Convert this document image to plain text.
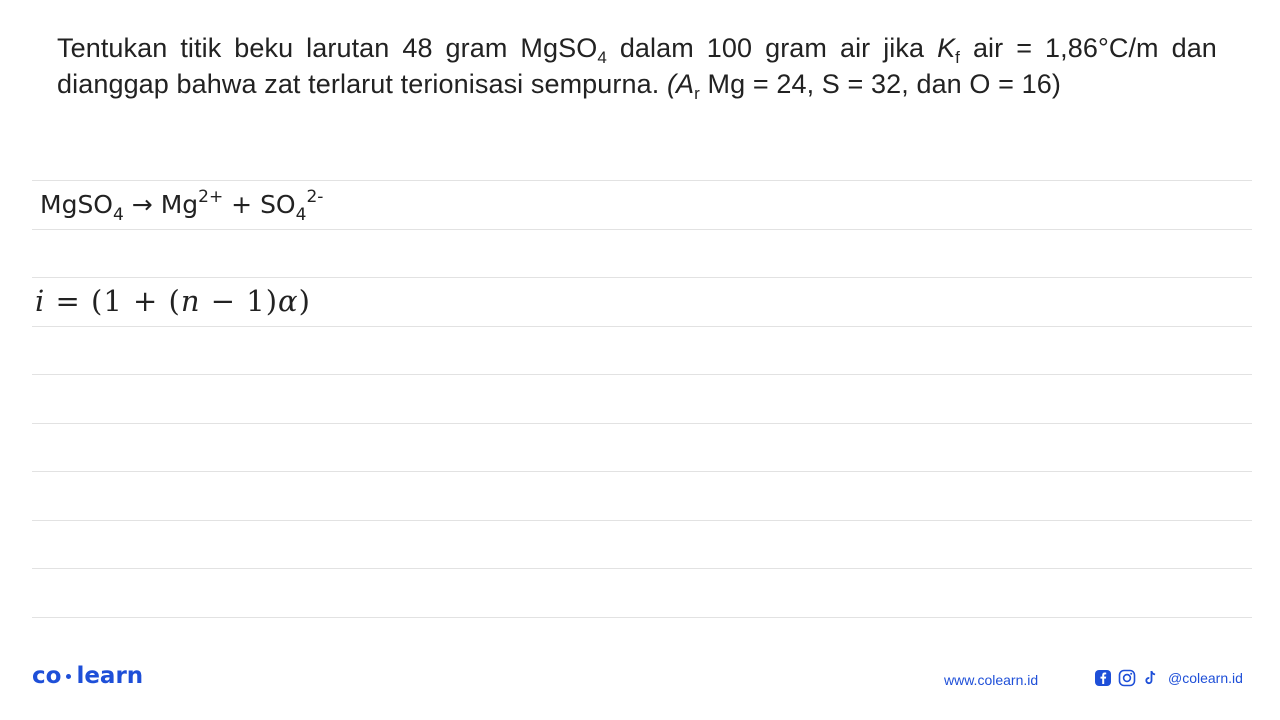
Tentukan titik beku larutan 48 gram MgSO$_4$ dalam 100 gram air jika $K_f$ air = 1,86°C/m dan
dianggap bahwa zat terlarut terionisasi sempurna. ($A_r$ Mg = 24, S = 32, dan O = 16)
MgSO$_4$ → $Mg^{2+} + SO_4^{2-}$
i = (1 + (n − 1)α)
co learn	www.colearn.id	@colearn.id
